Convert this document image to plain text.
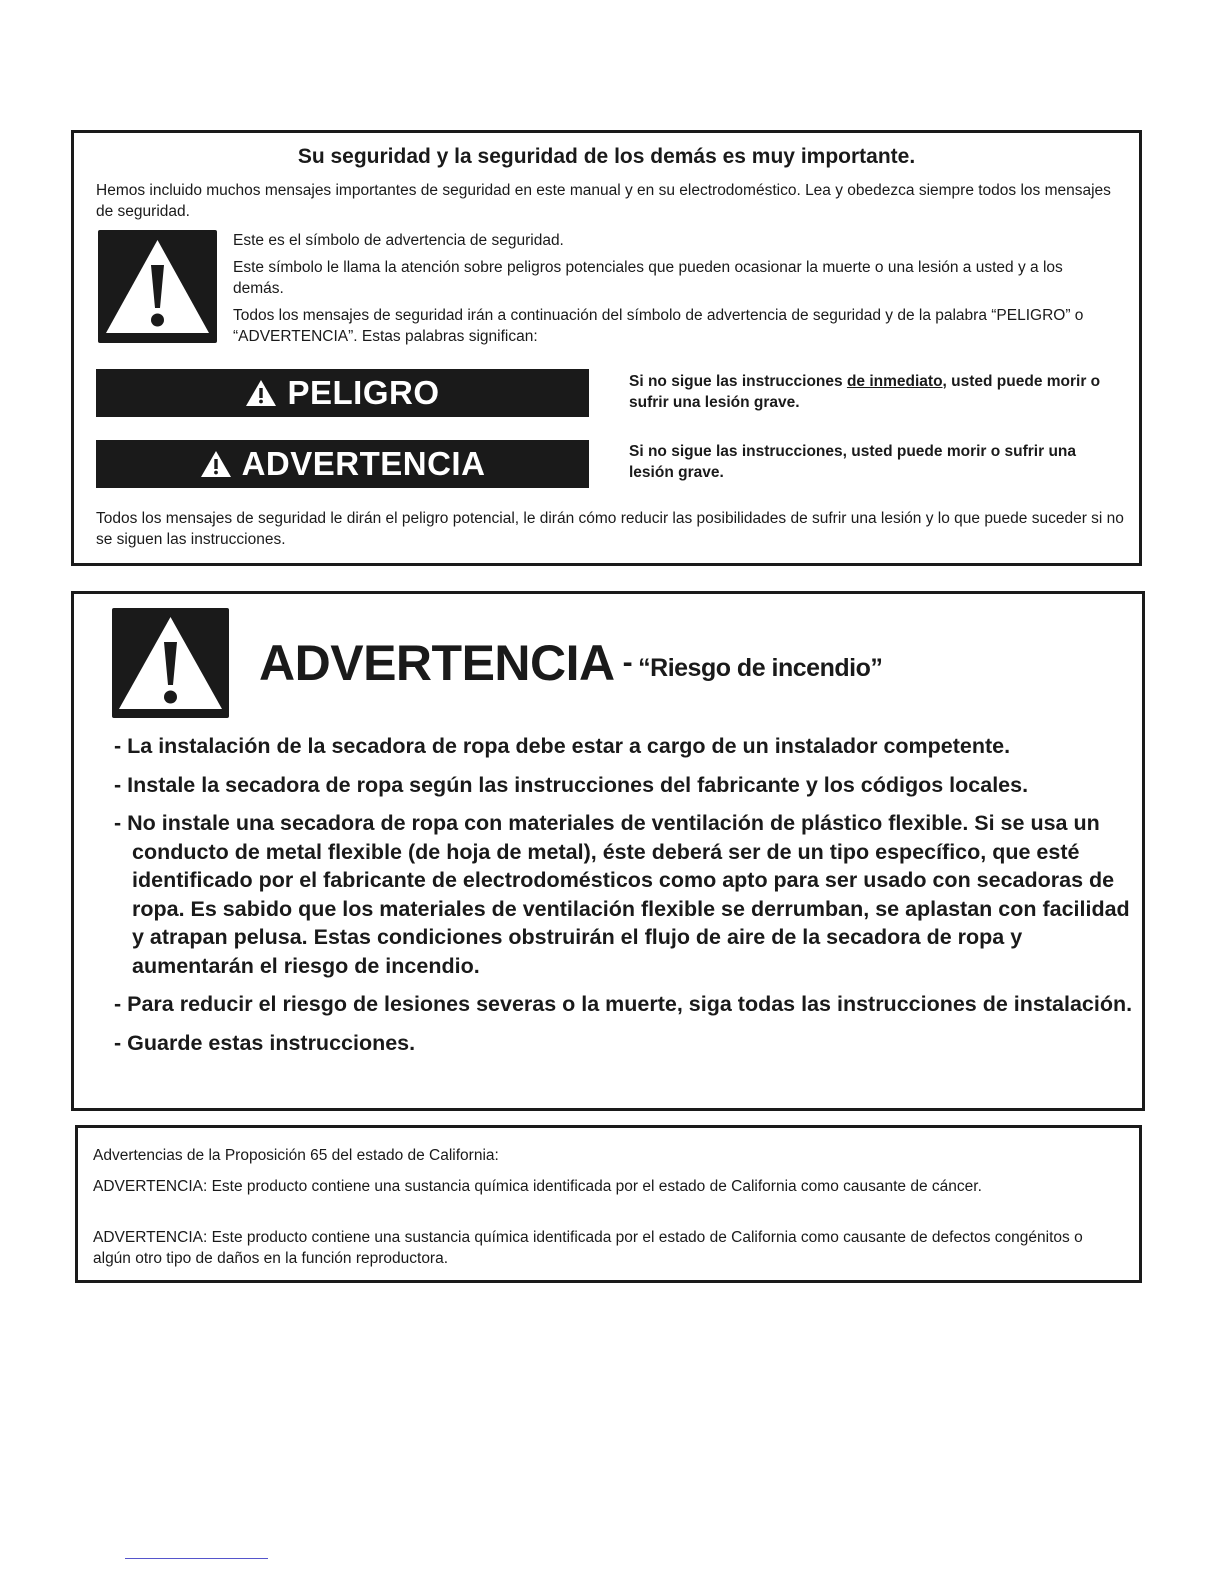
Su seguridad y la seguridad de los demás es muy importante.

Hemos incluido muchos mensajes importantes de seguridad en este manual y en su electrodoméstico. Lea y obedezca siempre todos los mensajes de seguridad.

Este es el símbolo de advertencia de seguridad.

Este símbolo le llama la atención sobre peligros potenciales que pueden ocasionar la muerte o una lesión a usted y a los demás.

Todos los mensajes de seguridad irán a continuación del símbolo de advertencia de seguridad y de la palabra “PELIGRO” o “ADVERTENCIA”. Estas palabras significan:

PELIGRO	Si no sigue las instrucciones de inmediato, usted puede morir o sufrir una lesión grave.
ADVERTENCIA	Si no sigue las instrucciones, usted puede morir o sufrir una lesión grave.

Todos los mensajes de seguridad le dirán el peligro potencial, le dirán cómo reducir las posibilidades de sufrir una lesión y lo que puede suceder si no se siguen las instrucciones.

ADVERTENCIA - “Riesgo de incendio”
- La instalación de la secadora de ropa debe estar a cargo de un instalador competente.
- Instale la secadora de ropa según las instrucciones del fabricante y los códigos locales.
- No instale una secadora de ropa con materiales de ventilación de plástico flexible. Si se usa un conducto de metal flexible (de hoja de metal), éste deberá ser de un tipo específico, que esté identificado por el fabricante de electrodomésticos como apto para ser usado con secadoras de ropa. Es sabido que los materiales de ventilación flexible se derrumban, se aplastan con facilidad y atrapan pelusa. Estas condiciones obstruirán el flujo de aire de la secadora de ropa y aumentarán el riesgo de incendio.
- Para reducir el riesgo de lesiones severas o la muerte, siga todas las instrucciones de instalación.
- Guarde estas instrucciones.

Advertencias de la Proposición 65 del estado de California:

ADVERTENCIA: Este producto contiene una sustancia química identificada por el estado de California como causante de cáncer.

ADVERTENCIA: Este producto contiene una sustancia química identificada por el estado de California como causante de defectos congénitos o algún otro tipo de daños en la función reproductora.
